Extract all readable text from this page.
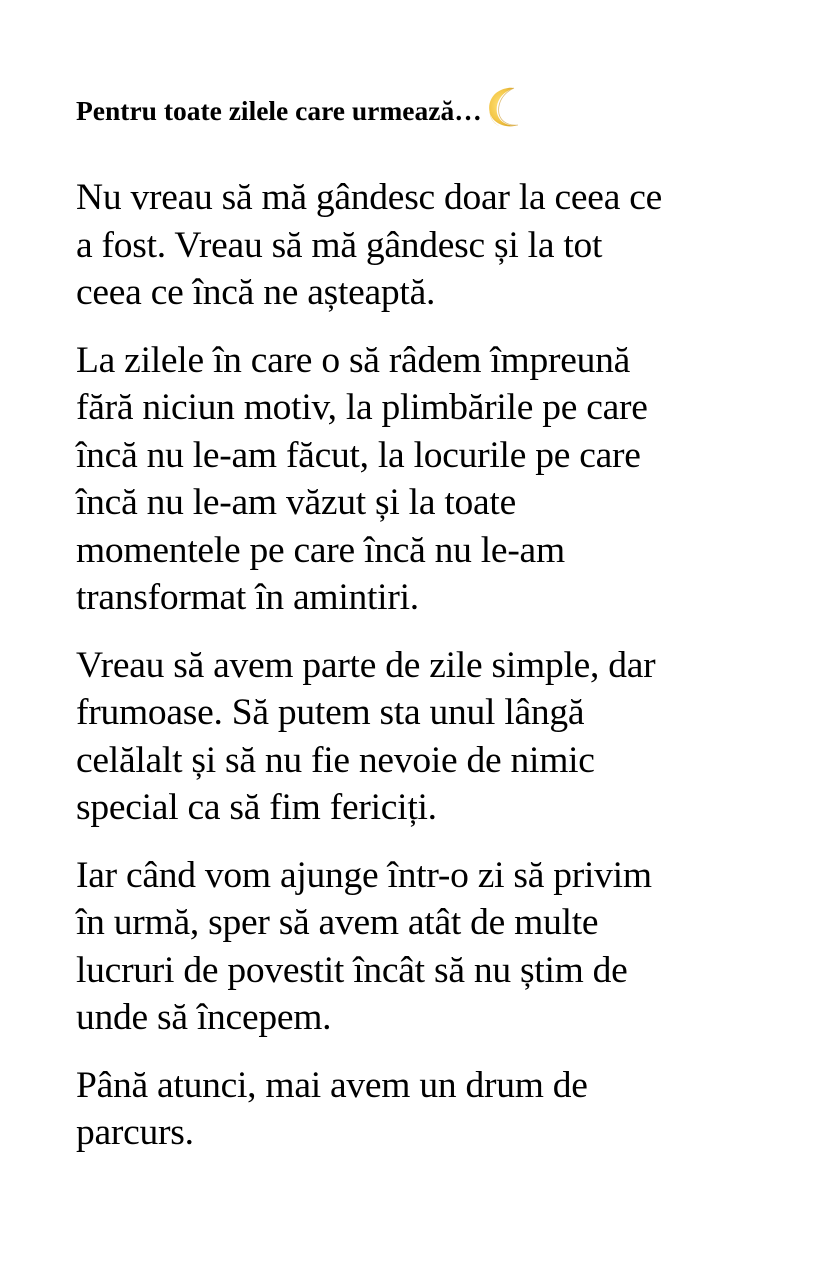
Pentru toate zilele care urmează…
Nu vreau să mă gândesc doar la ceea ce
a fost. Vreau să mă gândesc și la tot
ceea ce încă ne așteaptă.
La zilele în care o să râdem împreună
fără niciun motiv, la plimbările pe care
încă nu le-am făcut, la locurile pe care
încă nu le-am văzut și la toate
momentele pe care încă nu le-am
transformat în amintiri.
Vreau să avem parte de zile simple, dar
frumoase. Să putem sta unul lângă
celălalt și să nu fie nevoie de nimic
special ca să fim fericiți.
Iar când vom ajunge într-o zi să privim
în urmă, sper să avem atât de multe
lucruri de povestit încât să nu știm de
unde să începem.
Până atunci, mai avem un drum de
parcurs.
